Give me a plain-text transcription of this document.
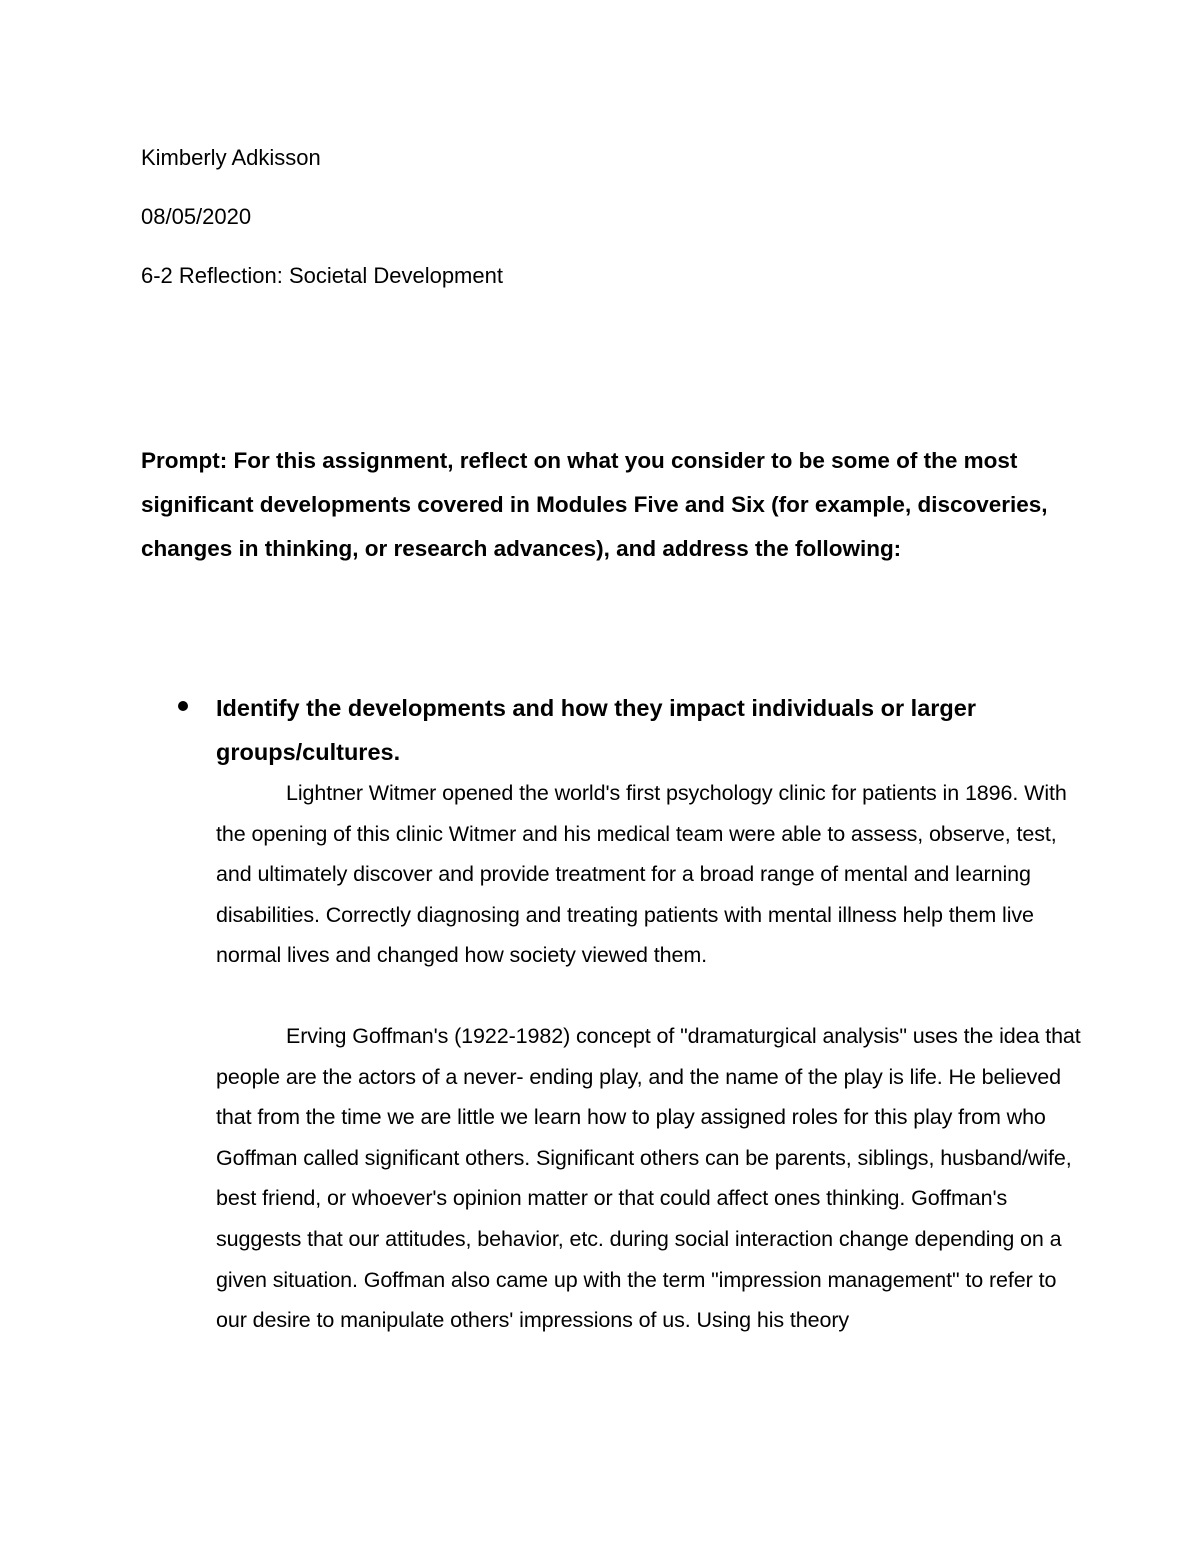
Kimberly Adkisson
08/05/2020
6-2 Reflection: Societal Development
Prompt: For this assignment, reflect on what you consider to be some of the most significant developments covered in Modules Five and Six (for example, discoveries, changes in thinking, or research advances), and address the following:
Identify the developments and how they impact individuals or larger groups/cultures.
Lightner Witmer opened the world's first psychology clinic for patients in 1896. With the opening of this clinic Witmer and his medical team were able to assess, observe, test, and ultimately discover and provide treatment for a broad range of mental and learning disabilities. Correctly diagnosing and treating patients with mental illness help them live normal lives and changed how society viewed them.
Erving Goffman's (1922-1982) concept of "dramaturgical analysis" uses the idea that people are the actors of a never- ending play, and the name of the play is life. He believed that from the time we are little we learn how to play assigned roles for this play from who Goffman called significant others. Significant others can be parents, siblings, husband/wife, best friend, or whoever's opinion matter or that could affect ones thinking. Goffman's suggests that our attitudes, behavior, etc. during social interaction change depending on a given situation. Goffman also came up with the term "impression management" to refer to our desire to manipulate others' impressions of us. Using his theory
